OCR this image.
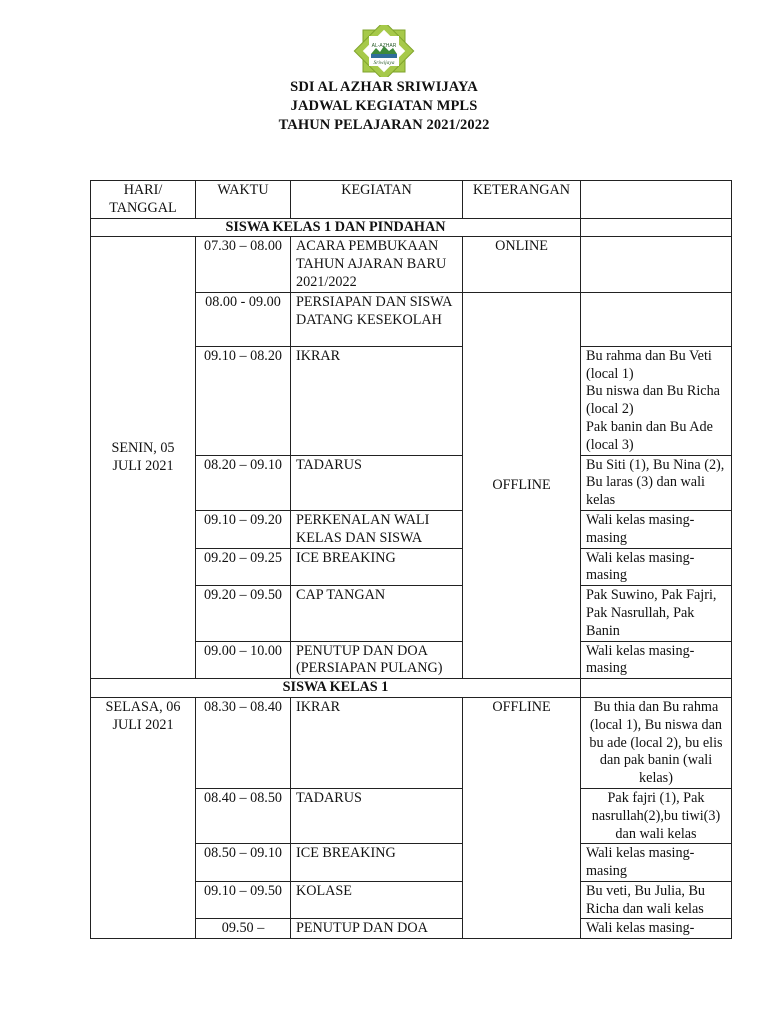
AL-AZHAR
Sriwijaya
SDI AL AZHAR SRIWIJAYA
JADWAL KEGIATAN MPLS
TAHUN PELAJARAN 2021/2022
HARI/ TANGGAL	WAKTU	KEGIATAN	KETERANGAN	
SISWA KELAS 1 DAN PINDAHAN				
SENIN, 05 JULI 2021	07.30 – 08.00	ACARA PEMBUKAAN TAHUN AJARAN BARU 2021/2022	ONLINE	
	08.00 - 09.00	PERSIAPAN DAN SISWA DATANG KESEKOLAH	OFFLINE	
	09.10 – 08.20	IKRAR		Bu rahma dan Bu Veti (local 1)
Bu niswa dan Bu Richa (local 2)
Pak banin dan Bu Ade (local 3)

	08.20 – 09.10	TADARUS		Bu Siti (1), Bu Nina (2), Bu laras (3) dan wali kelas
	09.10 – 09.20	PERKENALAN WALI KELAS DAN SISWA		Wali kelas masing-masing
	09.20 – 09.25	ICE BREAKING		Wali kelas masing-masing
	09.20 – 09.50	CAP TANGAN		Pak Suwino, Pak Fajri, Pak Nasrullah, Pak Banin
	09.00 – 10.00	PENUTUP DAN DOA (PERSIAPAN PULANG)		Wali kelas masing-masing
SISWA KELAS 1				
SELASA, 06 JULI 2021	08.30 – 08.40	IKRAR	OFFLINE	Bu thia dan Bu rahma (local 1), Bu niswa dan bu ade (local 2), bu elis dan pak banin (wali kelas)
	08.40 – 08.50	TADARUS		Pak fajri (1), Pak nasrullah(2),bu tiwi(3) dan wali kelas
	08.50 – 09.10	ICE BREAKING		Wali kelas masing-masing
	09.10 – 09.50	KOLASE		Bu veti, Bu Julia, Bu Richa dan wali kelas
	09.50 –	PENUTUP DAN DOA		Wali kelas masing-
